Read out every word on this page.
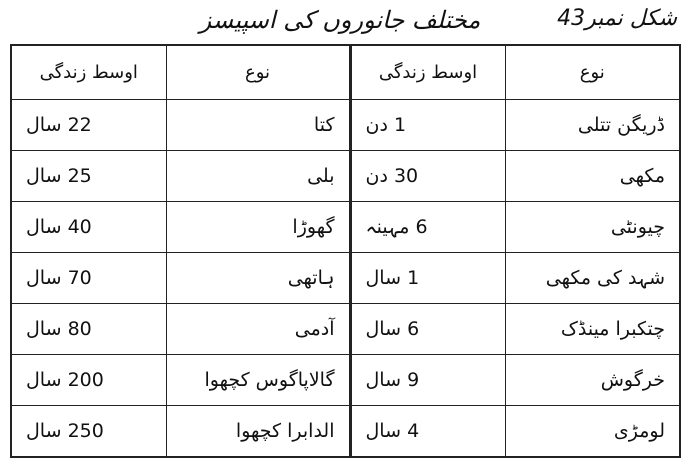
شکل نمبر43
مختلف جانوروں کی اسپیسز
نوع	اوسط زندگی	نوع	اوسط زندگی
ڈریگن تتلی	1 دن	کتا	22 سال
مکھی	30 دن	بلی	25 سال
چیونٹی	6 مہینہ	گھوڑا	40 سال
شہد کی مکھی	1 سال	ہاتھی	70 سال
چتکبرا مینڈک	6 سال	آدمی	80 سال
خرگوش	9 سال	گالاپاگوس کچھوا	200 سال
لومڑی	4 سال	الدابرا کچھوا	250 سال
